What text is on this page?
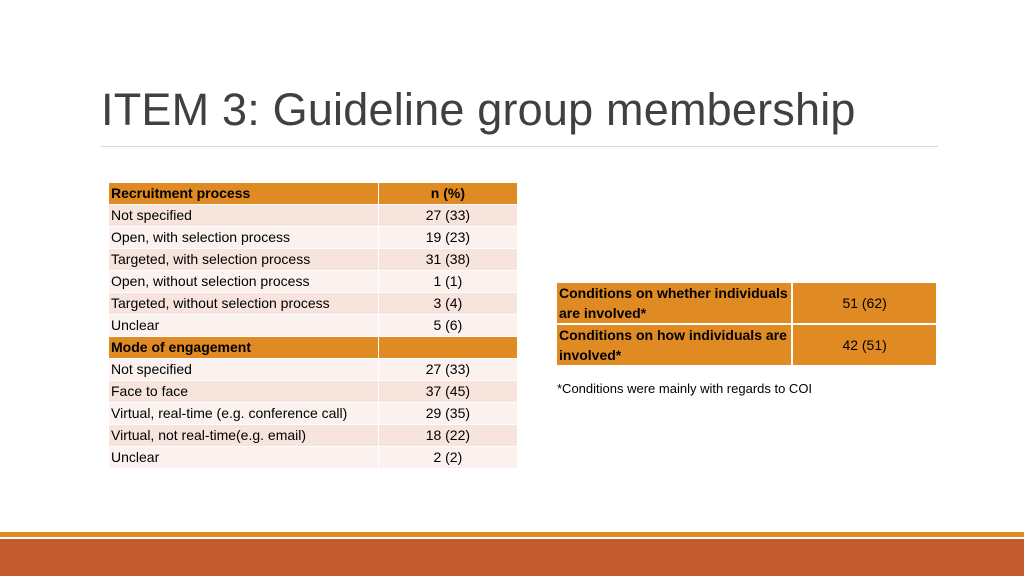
ITEM 3: Guideline group membership
Recruitment process	n (%)
Not specified	27 (33)
Open, with selection process	19 (23)
Targeted, with selection process	31 (38)
Open, without selection process	1 (1)
Targeted, without selection process	3 (4)
Unclear	5 (6)
Mode of engagement	
Not specified	27 (33)
Face to face	37 (45)
Virtual, real-time (e.g. conference call)	29 (35)
Virtual, not real-time(e.g. email)	18 (22)
Unclear	2 (2)
Conditions on whether individuals are involved*	51 (62)
Conditions on how individuals are involved*	42 (51)
*Conditions were mainly with regards to COI
